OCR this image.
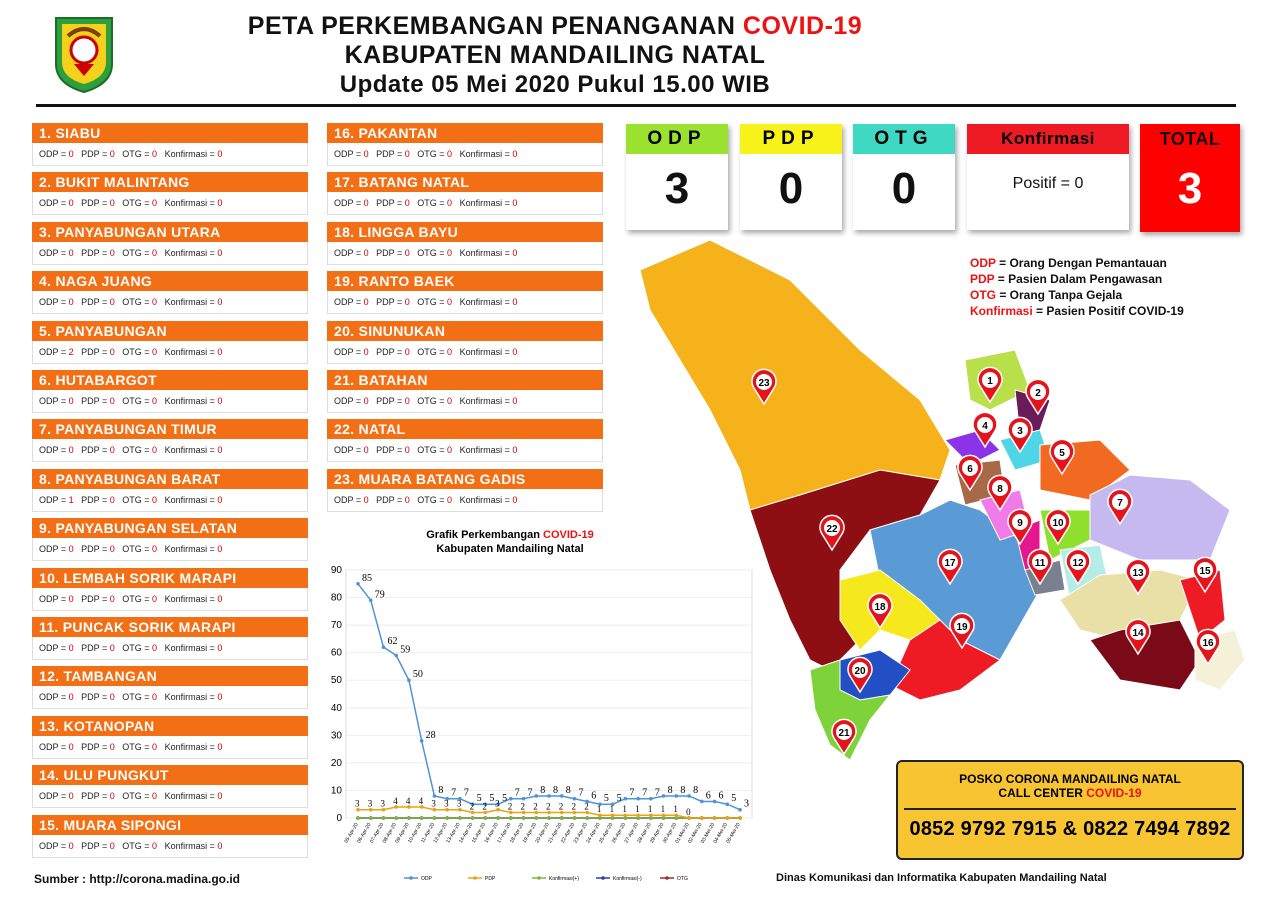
PETA PERKEMBANGAN PENANGANAN COVID-19
KABUPATEN MANDAILING NATAL
Update 05 Mei 2020 Pukul 15.00 WIB
1. SIABU
ODP = 0 PDP = 0 OTG = 0 Konfirmasi = 0
2. BUKIT MALINTANG
ODP = 0 PDP = 0 OTG = 0 Konfirmasi = 0
3. PANYABUNGAN UTARA
ODP = 0 PDP = 0 OTG = 0 Konfirmasi = 0
4. NAGA JUANG
ODP = 0 PDP = 0 OTG = 0 Konfirmasi = 0
5. PANYABUNGAN
ODP = 2 PDP = 0 OTG = 0 Konfirmasi = 0
6. HUTABARGOT
ODP = 0 PDP = 0 OTG = 0 Konfirmasi = 0
7. PANYABUNGAN TIMUR
ODP = 0 PDP = 0 OTG = 0 Konfirmasi = 0
8. PANYABUNGAN BARAT
ODP = 1 PDP = 0 OTG = 0 Konfirmasi = 0
9. PANYABUNGAN SELATAN
ODP = 0 PDP = 0 OTG = 0 Konfirmasi = 0
10. LEMBAH SORIK MARAPI
ODP = 0 PDP = 0 OTG = 0 Konfirmasi = 0
11. PUNCAK SORIK MARAPI
ODP = 0 PDP = 0 OTG = 0 Konfirmasi = 0
12. TAMBANGAN
ODP = 0 PDP = 0 OTG = 0 Konfirmasi = 0
13. KOTANOPAN
ODP = 0 PDP = 0 OTG = 0 Konfirmasi = 0
14. ULU PUNGKUT
ODP = 0 PDP = 0 OTG = 0 Konfirmasi = 0
15. MUARA SIPONGI
ODP = 0 PDP = 0 OTG = 0 Konfirmasi = 0
16. PAKANTAN
ODP = 0 PDP = 0 OTG = 0 Konfirmasi = 0
17. BATANG NATAL
ODP = 0 PDP = 0 OTG = 0 Konfirmasi = 0
18. LINGGA BAYU
ODP = 0 PDP = 0 OTG = 0 Konfirmasi = 0
19. RANTO BAEK
ODP = 0 PDP = 0 OTG = 0 Konfirmasi = 0
20. SINUNUKAN
ODP = 0 PDP = 0 OTG = 0 Konfirmasi = 0
21. BATAHAN
ODP = 0 PDP = 0 OTG = 0 Konfirmasi = 0
22. NATAL
ODP = 0 PDP = 0 OTG = 0 Konfirmasi = 0
23. MUARA BATANG GADIS
ODP = 0 PDP = 0 OTG = 0 Konfirmasi = 0
ODP
3
PDP
0
OTG
0
Konfirmasi
Positif = 0
TOTAL
3
ODP = Orang Dengan Pemantauan
PDP = Pasien Dalam Pengawasan
OTG = Orang Tanpa Gejala
Konfirmasi = Pasien Positif COVID-19
1
2
3
4
5
6
7
8
9	10
11	12
13
14
15
16
17
18
19
20
21
22
23
Grafik Perkembangan COVID-19
Kabupaten Mandailing Natal
0
10
20
30
40
50
60
70
80
90
05-Apr-20
06-Apr-20
07-Apr-20
08-Apr-20
09-Apr-20
10-Apr-20
11-Apr-20
12-Apr-20
13-Apr-20
14-Apr-20
15-Apr-20
16-Apr-20
17-Apr-20
18-Apr-20
19-Apr-20
20-Apr-20
21-Apr-20
22-Apr-20
23-Apr-20
24-Apr-20
25-Apr-20
26-Apr-20
27-Apr-20
28-Apr-20
29-Apr-20
30-Apr-20
01-Mei-20
02-Mei-20
03-Mei-20
04-Mei-20
05-Mei-20
85
79
62
59
50
28
8 7 7
5 5 5
7 7 8 8 8 7 6 5 5
7 7 7 8 8 8
6 6 5
3
3 3 3 4 4 4 3 3 3 2 2 3 2 2 2 2 2 2 2 1 1 1 1 1 1 1 0
ODP	PDP	Konfirmasi(+)	Konfirmasi(-)	OTG
POSKO CORONA MANDAILING NATAL
CALL CENTER COVID-19
0852 9792 7915 & 0822 7494 7892
Sumber : http://corona.madina.go.id	Dinas Komunikasi dan Informatika Kabupaten Mandailing Natal
